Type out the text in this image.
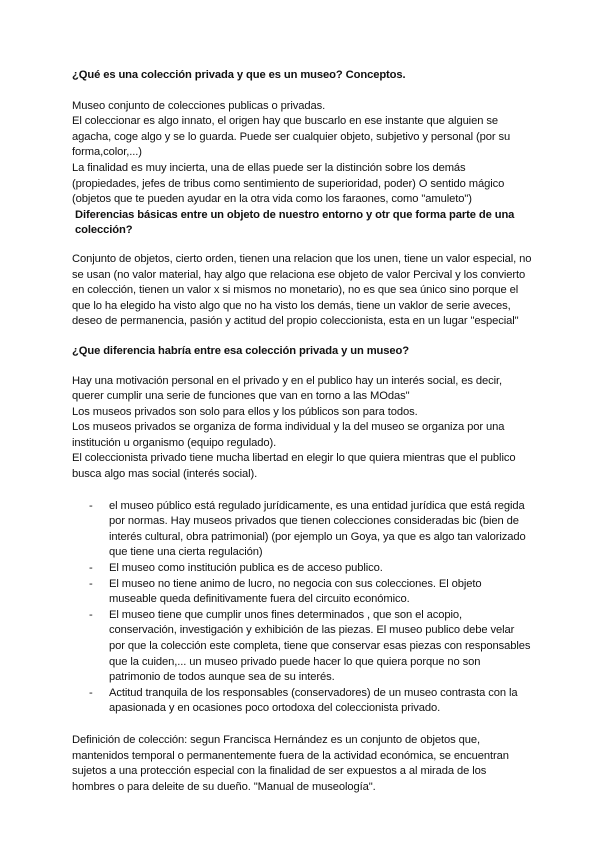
¿Qué es una colección privada y que es un museo? Conceptos.

Museo conjunto de colecciones publicas o privadas.

El coleccionar es algo innato, el origen hay que buscarlo en ese instante que alguien se agacha, coge algo y se lo guarda. Puede ser cualquier objeto, subjetivo y personal (por su forma,color,...)

La finalidad es muy incierta, una de ellas puede ser la distinción sobre los demás (propiedades, jefes de tribus como sentimiento de superioridad, poder) O sentido mágico (objetos que te pueden ayudar en la otra vida como los faraones, como "amuleto")

Diferencias básicas entre un objeto de nuestro entorno y otr que forma parte de una colección?

Conjunto de objetos, cierto orden, tienen una relacion que los unen, tiene un valor especial, no se usan (no valor material, hay algo que relaciona ese objeto de valor Percival y los convierto en colección, tienen un valor x si mismos no monetario), no es que sea único sino porque el que lo ha elegido ha visto algo que no ha visto los demás, tiene un vaklor de serie aveces, deseo de permanencia, pasión y actitud del propio coleccionista, esta en un lugar "especial"

¿Que diferencia habría entre esa colección privada y un museo?

Hay una motivación personal en el privado y en el publico hay un interés social, es decir, querer cumplir una serie de funciones que van en torno a las MOdas"

Los museos privados son solo para ellos y los públicos son para todos.

Los museos privados se organiza de forma individual y la del museo se organiza por una institución u organismo (equipo regulado).

El coleccionista privado tiene mucha libertad en elegir lo que quiera mientras que el publico busca algo mas social (interés social).

- el museo público está regulado jurídicamente, es una entidad jurídica que está regida por normas. Hay museos privados que tienen colecciones consideradas bic (bien de interés cultural, obra patrimonial) (por ejemplo un Goya, ya que es algo tan valorizado que tiene una cierta regulación)
- El museo como institución publica es de acceso publico.
- El museo no tiene animo de lucro, no negocia con sus colecciones. El objeto museable queda definitivamente fuera del circuito económico.
- El museo tiene que cumplir unos fines determinados , que son el acopio, conservación, investigación y exhibición de las piezas. El museo publico debe velar por que la colección este completa, tiene que conservar esas piezas con responsables que la cuiden,... un museo privado puede hacer lo que quiera porque no son patrimonio de todos aunque sea de su interés.
- Actitud tranquila de los responsables (conservadores) de un museo contrasta con la apasionada y en ocasiones poco ortodoxa del coleccionista privado.

Definición de colección: segun Francisca Hernández es un conjunto de objetos que, mantenidos temporal o permanentemente fuera de la actividad económica, se encuentran sujetos a una protección especial con la finalidad de ser expuestos a al mirada de los hombres o para deleite de su dueño. "Manual de museología".
